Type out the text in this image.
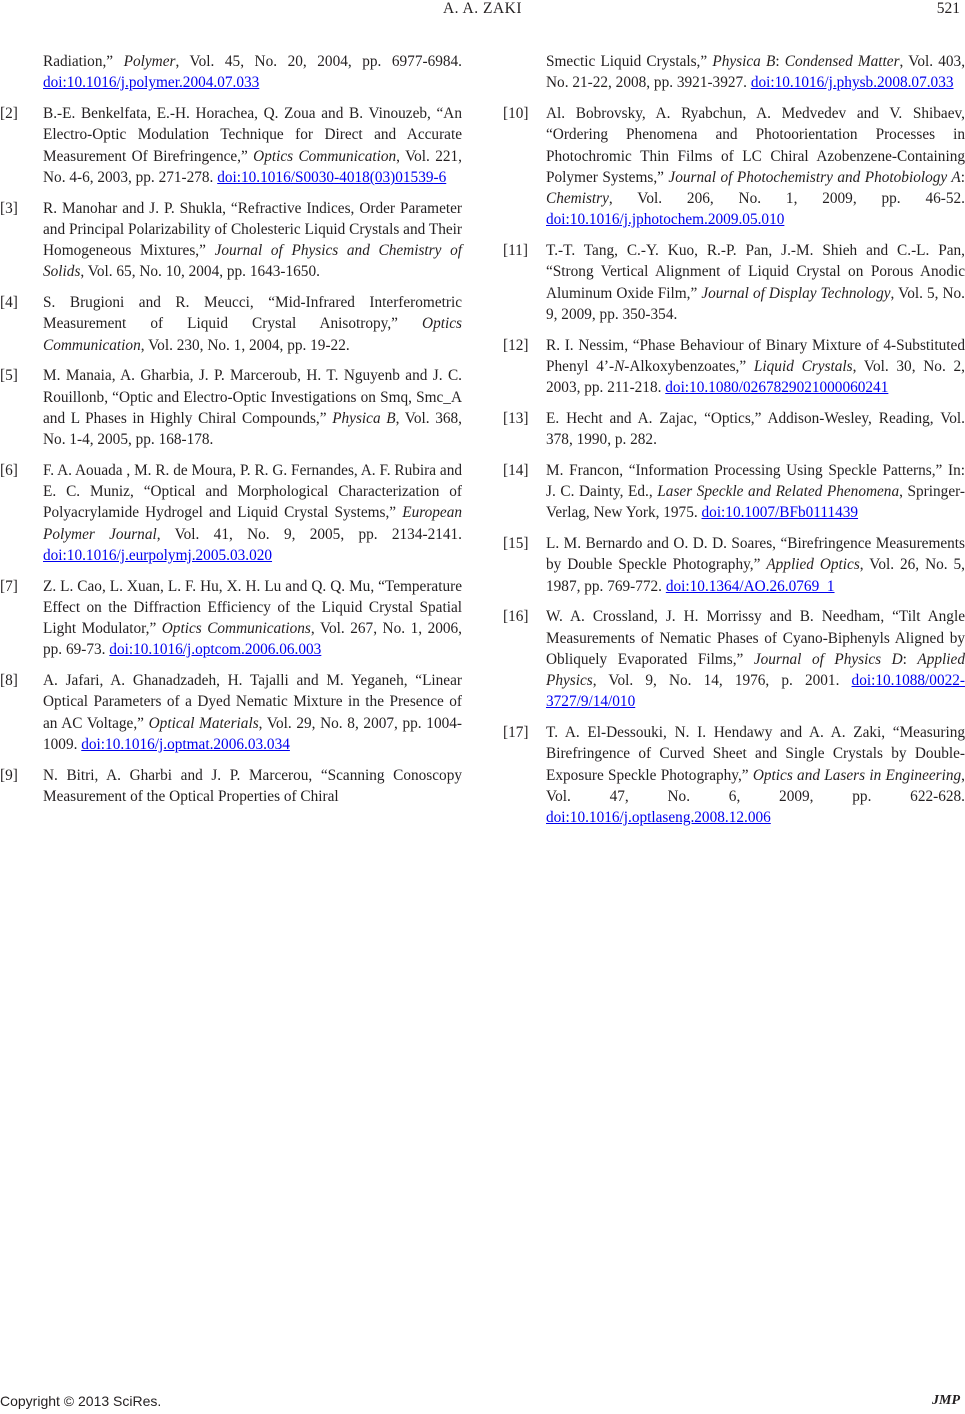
A. A. ZAKI	521

Radiation,” Polymer, Vol. 45, No. 20, 2004, pp. 6977-6984. doi:10.1016/j.polymer.2004.07.033

[2] B.-E. Benkelfata, E.-H. Horachea, Q. Zoua and B. Vinouzeb, “An Electro-Optic Modulation Technique for Direct and Accurate Measurement Of Birefringence,” Optics Communication, Vol. 221, No. 4-6, 2003, pp. 271-278. doi:10.1016/S0030-4018(03)01539-6

[3] R. Manohar and J. P. Shukla, “Refractive Indices, Order Parameter and Principal Polarizability of Cholesteric Liquid Crystals and Their Homogeneous Mixtures,” Journal of Physics and Chemistry of Solids, Vol. 65, No. 10, 2004, pp. 1643-1650.

[4] S. Brugioni and R. Meucci, “Mid-Infrared Interferometric Measurement of Liquid Crystal Anisotropy,” Optics Communication, Vol. 230, No. 1, 2004, pp. 19-22.

[5] M. Manaia, A. Gharbia, J. P. Marceroub, H. T. Nguyenb and J. C. Rouillonb, “Optic and Electro-Optic Investigations on Smq, Smc_A and L Phases in Highly Chiral Compounds,” Physica B, Vol. 368, No. 1-4, 2005, pp. 168-178.

[6] F. A. Aouada , M. R. de Moura, P. R. G. Fernandes, A. F. Rubira and E. C. Muniz, “Optical and Morphological Characterization of Polyacrylamide Hydrogel and Liquid Crystal Systems,” European Polymer Journal, Vol. 41, No. 9, 2005, pp. 2134-2141. doi:10.1016/j.eurpolymj.2005.03.020

[7] Z. L. Cao, L. Xuan, L. F. Hu, X. H. Lu and Q. Q. Mu, “Temperature Effect on the Diffraction Efficiency of the Liquid Crystal Spatial Light Modulator,” Optics Communications, Vol. 267, No. 1, 2006, pp. 69-73. doi:10.1016/j.optcom.2006.06.003

[8] A. Jafari, A. Ghanadzadeh, H. Tajalli and M. Yeganeh, “Linear Optical Parameters of a Dyed Nematic Mixture in the Presence of an AC Voltage,” Optical Materials, Vol. 29, No. 8, 2007, pp. 1004-1009. doi:10.1016/j.optmat.2006.03.034

[9] N. Bitri, A. Gharbi and J. P. Marcerou, “Scanning Conoscopy Measurement of the Optical Properties of Chiral

Smectic Liquid Crystals,” Physica B: Condensed Matter, Vol. 403, No. 21-22, 2008, pp. 3921-3927. doi:10.1016/j.physb.2008.07.033

[10] Al. Bobrovsky, A. Ryabchun, A. Medvedev and V. Shibaev, “Ordering Phenomena and Photoorientation Processes in Photochromic Thin Films of LC Chiral Azobenzene-Containing Polymer Systems,” Journal of Photochemistry and Photobiology A: Chemistry, Vol. 206, No. 1, 2009, pp. 46-52. doi:10.1016/j.jphotochem.2009.05.010

[11] T.-T. Tang, C.-Y. Kuo, R.-P. Pan, J.-M. Shieh and C.-L. Pan, “Strong Vertical Alignment of Liquid Crystal on Porous Anodic Aluminum Oxide Film,” Journal of Display Technology, Vol. 5, No. 9, 2009, pp. 350-354.

[12] R. I. Nessim, “Phase Behaviour of Binary Mixture of 4-Substituted Phenyl 4’-N-Alkoxybenzoates,” Liquid Crystals, Vol. 30, No. 2, 2003, pp. 211-218. doi:10.1080/0267829021000060241

[13] E. Hecht and A. Zajac, “Optics,” Addison-Wesley, Reading, Vol. 378, 1990, p. 282.

[14] M. Francon, “Information Processing Using Speckle Patterns,” In: J. C. Dainty, Ed., Laser Speckle and Related Phenomena, Springer-Verlag, New York, 1975. doi:10.1007/BFb0111439

[15] L. M. Bernardo and O. D. D. Soares, “Birefringence Measurements by Double Speckle Photography,” Applied Optics, Vol. 26, No. 5, 1987, pp. 769-772. doi:10.1364/AO.26.0769_1

[16] W. A. Crossland, J. H. Morrissy and B. Needham, “Tilt Angle Measurements of Nematic Phases of Cyano-Biphenyls Aligned by Obliquely Evaporated Films,” Journal of Physics D: Applied Physics, Vol. 9, No. 14, 1976, p. 2001. doi:10.1088/0022-3727/9/14/010

[17] T. A. El-Dessouki, N. I. Hendawy and A. A. Zaki, “Measuring Birefringence of Curved Sheet and Single Crystals by Double-Exposure Speckle Photography,” Optics and Lasers in Engineering, Vol. 47, No. 6, 2009, pp. 622-628. doi:10.1016/j.optlaseng.2008.12.006

Copyright © 2013 SciRes.	JMP
